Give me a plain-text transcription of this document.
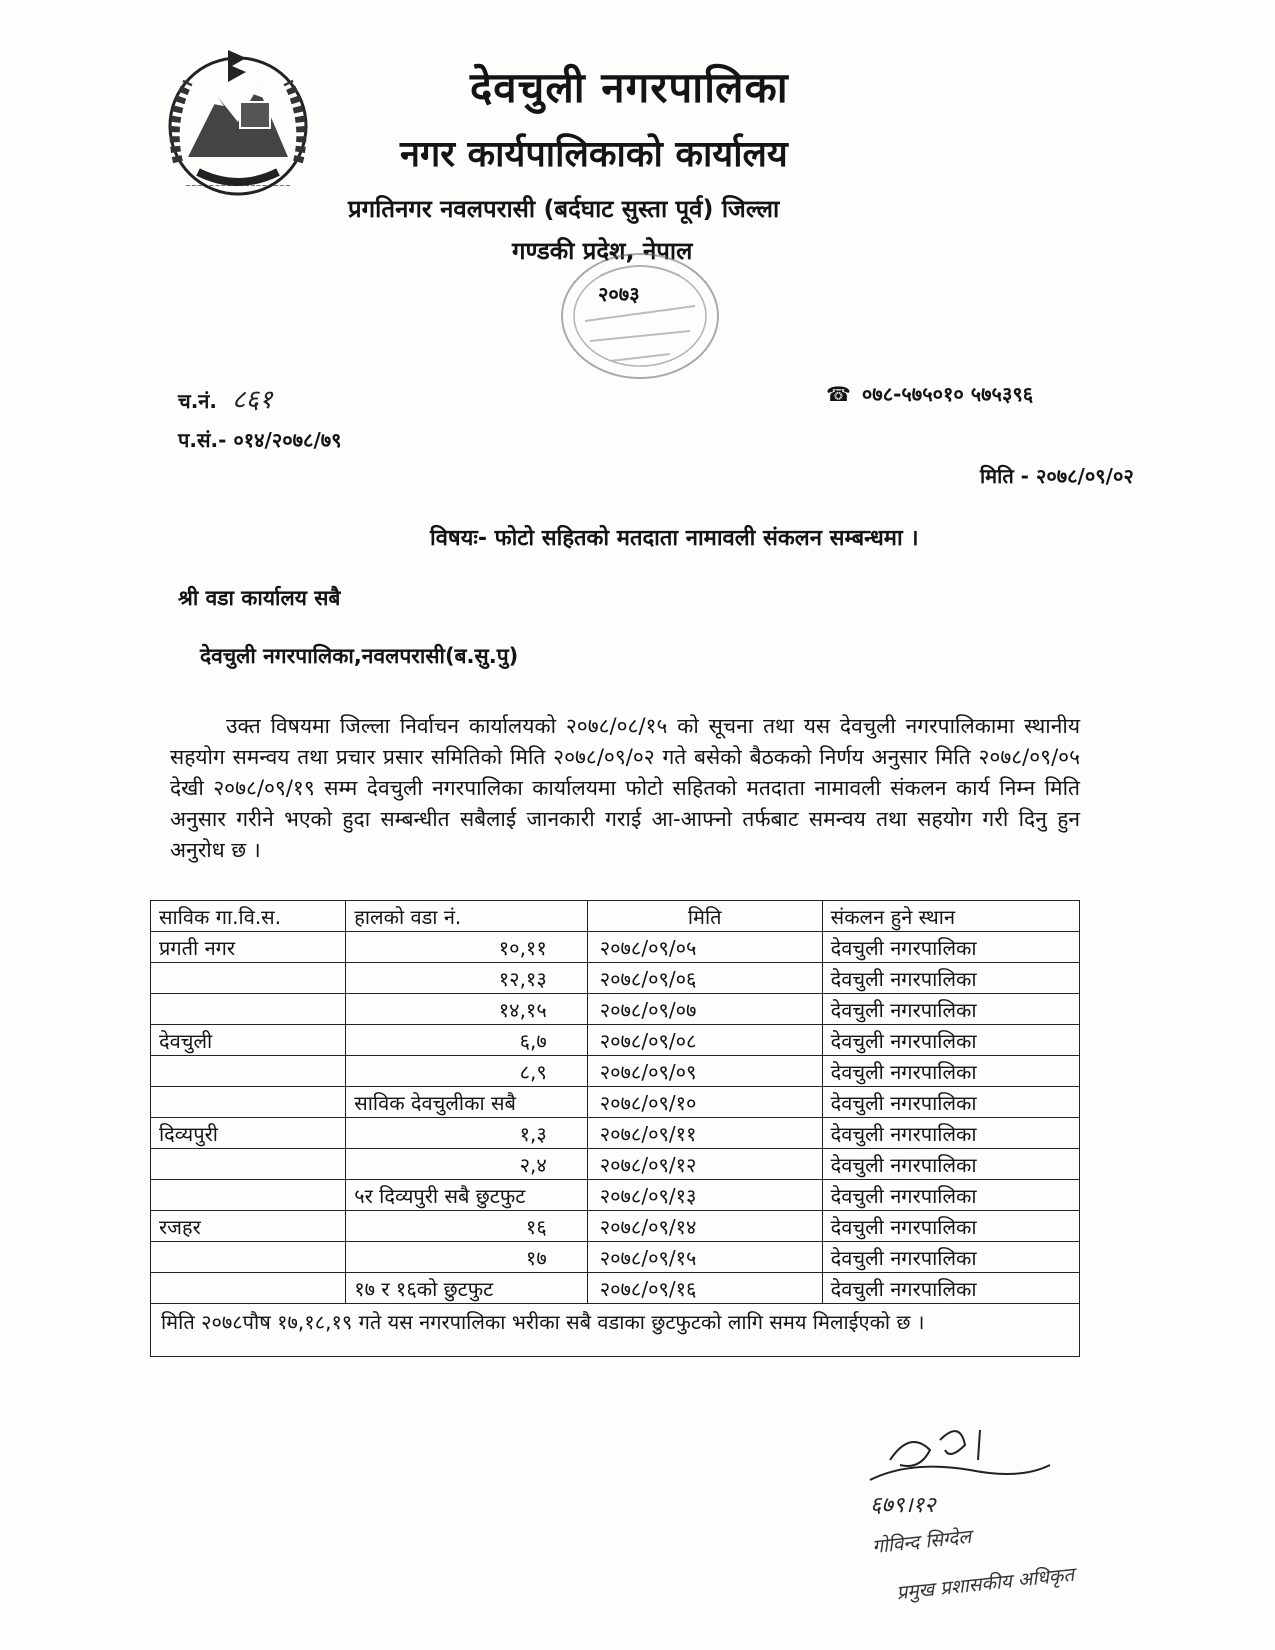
~~~~~~~~~~~~~~~~~~
देवचुली नगरपालिका
नगर कार्यपालिकाको कार्यालय
प्रगतिनगर नवलपरासी (बर्दघाट सुस्ता पूर्व) जिल्ला
गण्डकी प्रदेश, नेपाल
२०७३
च.नं. ८६१
प.सं.- ०१४/२०७८/७९
☎ ०७८-५७५०१० ५७५३९६
मिति - २०७८/०९/०२
विषयः- फोटो सहितको मतदाता नामावली संकलन सम्बन्धमा ।
श्री वडा कार्यालय सबै
देवचुली नगरपालिका,नवलपरासी(ब.सु.पु)

उक्त विषयमा जिल्ला निर्वाचन कार्यालयको २०७८/०८/१५ को सूचना तथा यस देवचुली नगरपालिकामा स्थानीय सहयोग समन्वय तथा प्रचार प्रसार समितिको मिति २०७८/०९/०२ गते बसेको बैठकको निर्णय अनुसार मिति २०७८/०९/०५ देखी २०७८/०९/१९ सम्म देवचुली नगरपालिका कार्यालयमा फोटो सहितको मतदाता नामावली संकलन कार्य निम्न मिति अनुसार गरीने भएको हुदा सम्बन्धीत सबैलाई जानकारी गराई आ-आफ्नो तर्फबाट समन्वय तथा सहयोग गरी दिनु हुन अनुरोध छ ।

साविक गा.वि.स.	हालको वडा नं.	मिति	संकलन हुने स्थान
प्रगती नगर	१०,११	२०७८/०९/०५	देवचुली नगरपालिका
	१२,१३	२०७८/०९/०६	देवचुली नगरपालिका
	१४,१५	२०७८/०९/०७	देवचुली नगरपालिका
देवचुली	६,७	२०७८/०९/०८	देवचुली नगरपालिका
	८,९	२०७८/०९/०९	देवचुली नगरपालिका
	साविक देवचुलीका सबै	२०७८/०९/१०	देवचुली नगरपालिका
दिव्यपुरी	१,३	२०७८/०९/११	देवचुली नगरपालिका
	२,४	२०७८/०९/१२	देवचुली नगरपालिका
	५र दिव्यपुरी सबै छुटफुट	२०७८/०९/१३	देवचुली नगरपालिका
रजहर	१६	२०७८/०९/१४	देवचुली नगरपालिका
	१७	२०७८/०९/१५	देवचुली नगरपालिका
	१७ र १६को छुटफुट	२०७८/०९/१६	देवचुली नगरपालिका
मिति २०७८पौष १७,१८,१९ गते यस नगरपालिका भरीका सबै वडाका छुटफुटको लागि समय मिलाईएको छ ।			
६७९।१२
गोविन्द सिग्देल
प्रमुख प्रशासकीय अधिकृत
